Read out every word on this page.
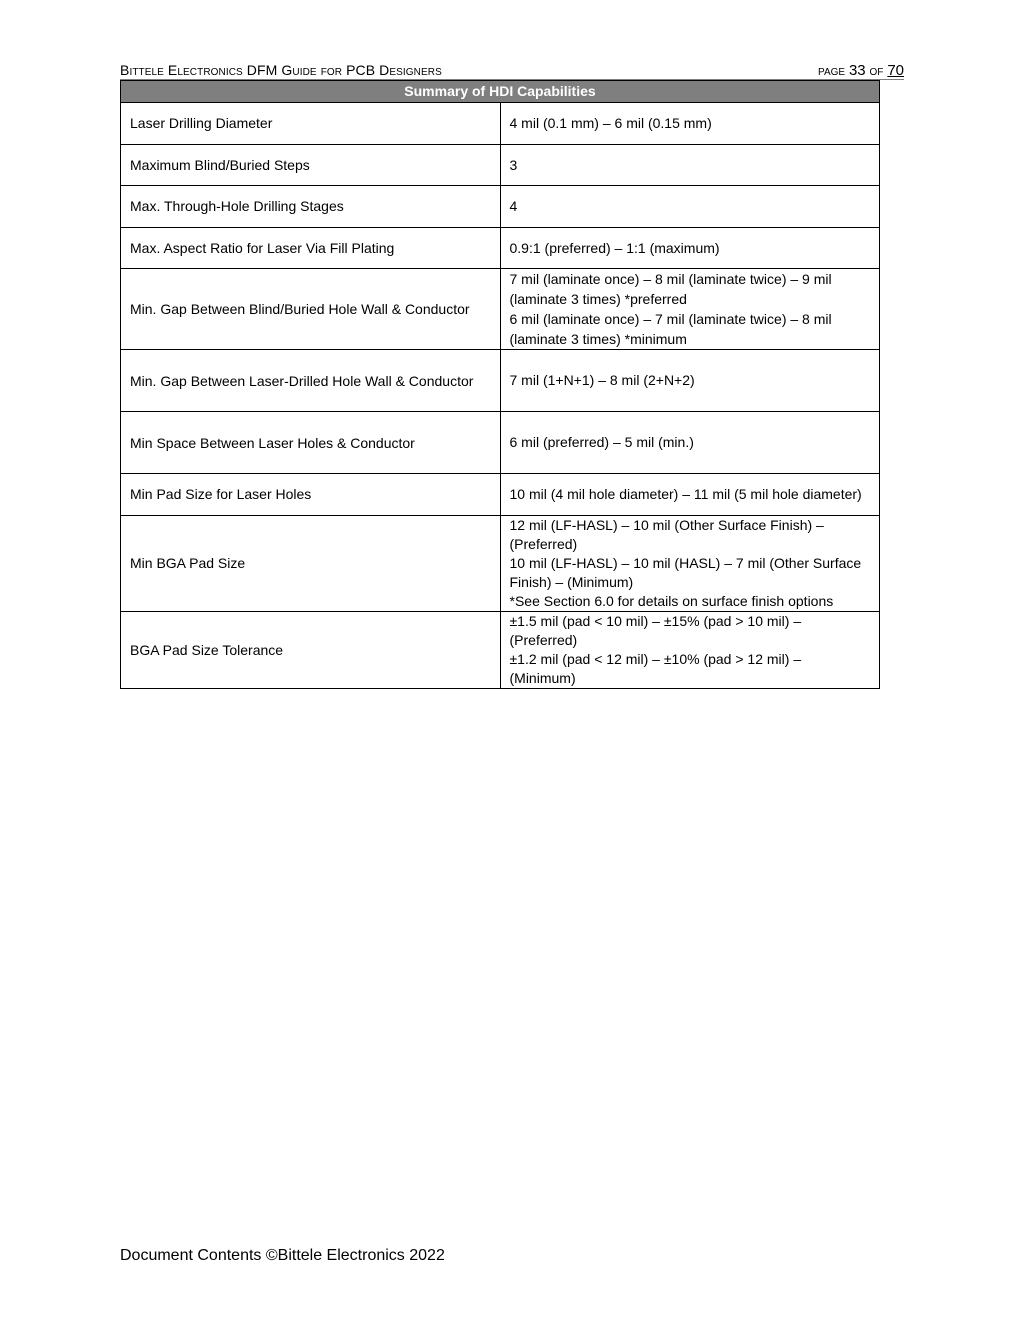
Bittele Electronics DFM Guide for PCB Designers	page 33 of 70
Summary of HDI Capabilities	
Laser Drilling Diameter	4 mil (0.1 mm) – 6 mil (0.15 mm)

Maximum Blind/Buried Steps	3

Max. Through-Hole Drilling Stages	4

Max. Aspect Ratio for Laser Via Fill Plating	0.9:1 (preferred) – 1:1 (maximum)

Min. Gap Between Blind/Buried Hole Wall & Conductor	7 mil (laminate once) – 8 mil (laminate twice) – 9 mil (laminate 3 times) *preferred
6 mil (laminate once) – 7 mil (laminate twice) – 8 mil (laminate 3 times) *minimum

Min. Gap Between Laser-Drilled Hole Wall & Conductor	7 mil (1+N+1) – 8 mil (2+N+2)

Min Space Between Laser Holes & Conductor	6 mil (preferred) – 5 mil (min.)

Min Pad Size for Laser Holes	10 mil (4 mil hole diameter) – 11 mil (5 mil hole diameter)

Min BGA Pad Size	12 mil (LF-HASL) – 10 mil (Other Surface Finish) – (Preferred)
10 mil (LF-HASL) – 10 mil (HASL) – 7 mil (Other Surface Finish) – (Minimum)
*See Section 6.0 for details on surface finish options

BGA Pad Size Tolerance	±1.5 mil (pad < 10 mil) – ±15% (pad > 10 mil) – (Preferred)
±1.2 mil (pad < 12 mil) – ±10% (pad > 12 mil) – (Minimum)
Document Contents ©Bittele Electronics 2022
